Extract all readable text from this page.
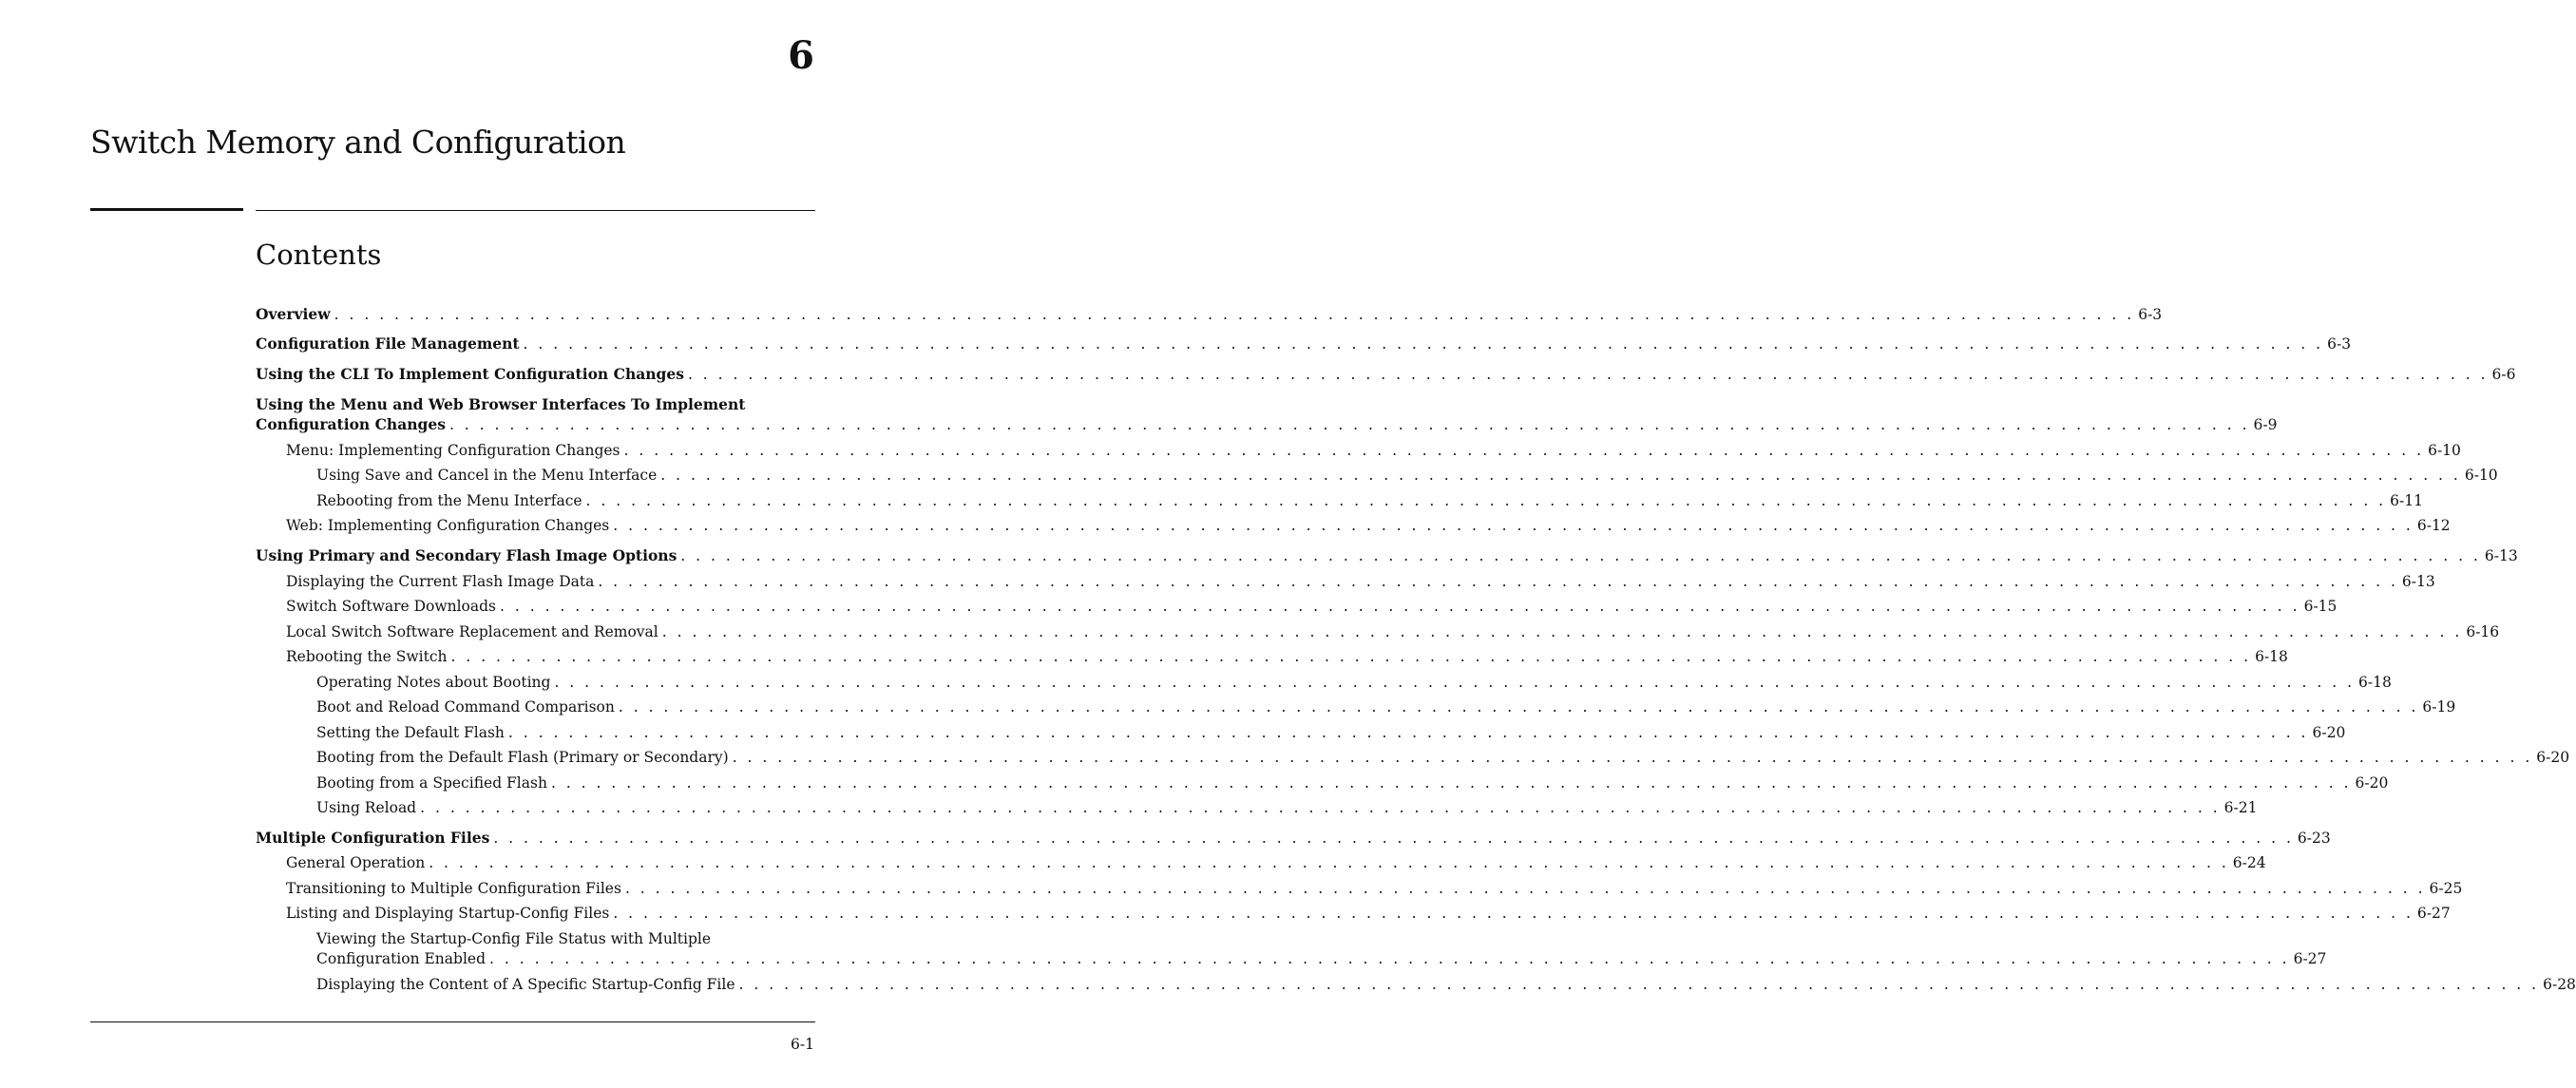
6
Switch Memory and Configuration
Contents
Overview . . . . . . . . . . . . . . . . . . . . . . . . . . . . . . . . . . . . . . . . . . . . . . . . . . . . . . . . . . . . . . . . . . . . . . . . . . . . . . . . . . . . . . . . . . . . . . . . . . . . . . . . . . . . . . . . . . . . . . . . 6-3
Configuration File Management . . . . . . . . . . . . . . . . . . . . . . . . . . . . . . . . . . . . . . . . . . . . . . . . . . . . . . . . . . . . . . . . . . . . . . . . . . . . . . . . . . . . . . . . . . . . . . . . . . . . . . . . . . . . . . . . . . . . . . . . 6-3
Using the CLI To Implement Configuration Changes . . . . . . . . . . . . . . . . . . . . . . . . . . . . . . . . . . . . . . . . . . . . . . . . . . . . . . . . . . . . . . . . . . . . . . . . . . . . . . . . . . . . . . . . . . . . . . . . . . . . . . . . . . . . . . . . . . . . . . . . 6-6
Using the Menu and Web Browser Interfaces To Implement
Configuration Changes . . . . . . . . . . . . . . . . . . . . . . . . . . . . . . . . . . . . . . . . . . . . . . . . . . . . . . . . . . . . . . . . . . . . . . . . . . . . . . . . . . . . . . . . . . . . . . . . . . . . . . . . . . . . . . . . . . . . . . . . 6-9
Menu: Implementing Configuration Changes . . . . . . . . . . . . . . . . . . . . . . . . . . . . . . . . . . . . . . . . . . . . . . . . . . . . . . . . . . . . . . . . . . . . . . . . . . . . . . . . . . . . . . . . . . . . . . . . . . . . . . . . . . . . . . . . . . . . . . . . 6-10
Using Save and Cancel in the Menu Interface . . . . . . . . . . . . . . . . . . . . . . . . . . . . . . . . . . . . . . . . . . . . . . . . . . . . . . . . . . . . . . . . . . . . . . . . . . . . . . . . . . . . . . . . . . . . . . . . . . . . . . . . . . . . . . . . . . . . . . . . 6-10
Rebooting from the Menu Interface . . . . . . . . . . . . . . . . . . . . . . . . . . . . . . . . . . . . . . . . . . . . . . . . . . . . . . . . . . . . . . . . . . . . . . . . . . . . . . . . . . . . . . . . . . . . . . . . . . . . . . . . . . . . . . . . . . . . . . . . 6-11
Web: Implementing Configuration Changes . . . . . . . . . . . . . . . . . . . . . . . . . . . . . . . . . . . . . . . . . . . . . . . . . . . . . . . . . . . . . . . . . . . . . . . . . . . . . . . . . . . . . . . . . . . . . . . . . . . . . . . . . . . . . . . . . . . . . . . . 6-12
Using Primary and Secondary Flash Image Options . . . . . . . . . . . . . . . . . . . . . . . . . . . . . . . . . . . . . . . . . . . . . . . . . . . . . . . . . . . . . . . . . . . . . . . . . . . . . . . . . . . . . . . . . . . . . . . . . . . . . . . . . . . . . . . . . . . . . . . . 6-13
Displaying the Current Flash Image Data . . . . . . . . . . . . . . . . . . . . . . . . . . . . . . . . . . . . . . . . . . . . . . . . . . . . . . . . . . . . . . . . . . . . . . . . . . . . . . . . . . . . . . . . . . . . . . . . . . . . . . . . . . . . . . . . . . . . . . . . 6-13
Switch Software Downloads . . . . . . . . . . . . . . . . . . . . . . . . . . . . . . . . . . . . . . . . . . . . . . . . . . . . . . . . . . . . . . . . . . . . . . . . . . . . . . . . . . . . . . . . . . . . . . . . . . . . . . . . . . . . . . . . . . . . . . . . 6-15
Local Switch Software Replacement and Removal . . . . . . . . . . . . . . . . . . . . . . . . . . . . . . . . . . . . . . . . . . . . . . . . . . . . . . . . . . . . . . . . . . . . . . . . . . . . . . . . . . . . . . . . . . . . . . . . . . . . . . . . . . . . . . . . . . . . . . . . 6-16
Rebooting the Switch . . . . . . . . . . . . . . . . . . . . . . . . . . . . . . . . . . . . . . . . . . . . . . . . . . . . . . . . . . . . . . . . . . . . . . . . . . . . . . . . . . . . . . . . . . . . . . . . . . . . . . . . . . . . . . . . . . . . . . . . 6-18
Operating Notes about Booting . . . . . . . . . . . . . . . . . . . . . . . . . . . . . . . . . . . . . . . . . . . . . . . . . . . . . . . . . . . . . . . . . . . . . . . . . . . . . . . . . . . . . . . . . . . . . . . . . . . . . . . . . . . . . . . . . . . . . . . . 6-18
Boot and Reload Command Comparison . . . . . . . . . . . . . . . . . . . . . . . . . . . . . . . . . . . . . . . . . . . . . . . . . . . . . . . . . . . . . . . . . . . . . . . . . . . . . . . . . . . . . . . . . . . . . . . . . . . . . . . . . . . . . . . . . . . . . . . . 6-19
Setting the Default Flash . . . . . . . . . . . . . . . . . . . . . . . . . . . . . . . . . . . . . . . . . . . . . . . . . . . . . . . . . . . . . . . . . . . . . . . . . . . . . . . . . . . . . . . . . . . . . . . . . . . . . . . . . . . . . . . . . . . . . . . . 6-20
Booting from the Default Flash (Primary or Secondary) . . . . . . . . . . . . . . . . . . . . . . . . . . . . . . . . . . . . . . . . . . . . . . . . . . . . . . . . . . . . . . . . . . . . . . . . . . . . . . . . . . . . . . . . . . . . . . . . . . . . . . . . . . . . . . . . . . . . . . . . 6-20
Booting from a Specified Flash . . . . . . . . . . . . . . . . . . . . . . . . . . . . . . . . . . . . . . . . . . . . . . . . . . . . . . . . . . . . . . . . . . . . . . . . . . . . . . . . . . . . . . . . . . . . . . . . . . . . . . . . . . . . . . . . . . . . . . . . 6-20
Using Reload . . . . . . . . . . . . . . . . . . . . . . . . . . . . . . . . . . . . . . . . . . . . . . . . . . . . . . . . . . . . . . . . . . . . . . . . . . . . . . . . . . . . . . . . . . . . . . . . . . . . . . . . . . . . . . . . . . . . . . . . 6-21
Multiple Configuration Files . . . . . . . . . . . . . . . . . . . . . . . . . . . . . . . . . . . . . . . . . . . . . . . . . . . . . . . . . . . . . . . . . . . . . . . . . . . . . . . . . . . . . . . . . . . . . . . . . . . . . . . . . . . . . . . . . . . . . . . . 6-23
General Operation . . . . . . . . . . . . . . . . . . . . . . . . . . . . . . . . . . . . . . . . . . . . . . . . . . . . . . . . . . . . . . . . . . . . . . . . . . . . . . . . . . . . . . . . . . . . . . . . . . . . . . . . . . . . . . . . . . . . . . . . 6-24
Transitioning to Multiple Configuration Files . . . . . . . . . . . . . . . . . . . . . . . . . . . . . . . . . . . . . . . . . . . . . . . . . . . . . . . . . . . . . . . . . . . . . . . . . . . . . . . . . . . . . . . . . . . . . . . . . . . . . . . . . . . . . . . . . . . . . . . . 6-25
Listing and Displaying Startup-Config Files . . . . . . . . . . . . . . . . . . . . . . . . . . . . . . . . . . . . . . . . . . . . . . . . . . . . . . . . . . . . . . . . . . . . . . . . . . . . . . . . . . . . . . . . . . . . . . . . . . . . . . . . . . . . . . . . . . . . . . . . 6-27
Viewing the Startup-Config File Status with Multiple
Configuration Enabled . . . . . . . . . . . . . . . . . . . . . . . . . . . . . . . . . . . . . . . . . . . . . . . . . . . . . . . . . . . . . . . . . . . . . . . . . . . . . . . . . . . . . . . . . . . . . . . . . . . . . . . . . . . . . . . . . . . . . . . . 6-27
Displaying the Content of A Specific Startup-Config File . . . . . . . . . . . . . . . . . . . . . . . . . . . . . . . . . . . . . . . . . . . . . . . . . . . . . . . . . . . . . . . . . . . . . . . . . . . . . . . . . . . . . . . . . . . . . . . . . . . . . . . . . . . . . . . . . . . . . . . . 6-28
6-1
